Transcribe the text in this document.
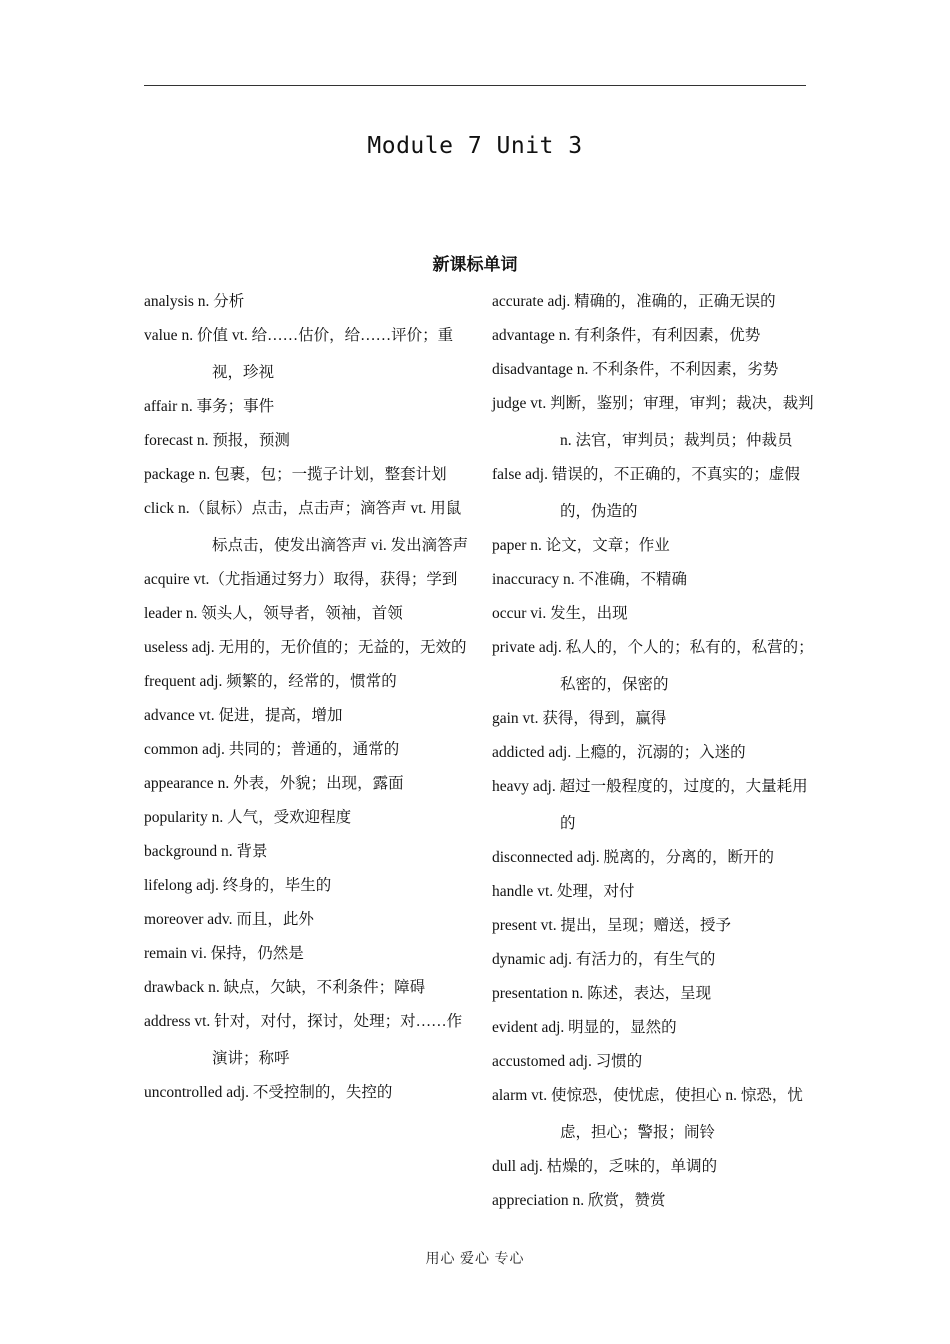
Module 7 Unit 3
新课标单词
analysis n. 分析
value n. 价值 vt. 给……估价，给……评价；重视，珍视
affair n. 事务；事件
forecast n. 预报，预测
package n. 包裹，包；一揽子计划，整套计划
click n.（鼠标）点击，点击声；滴答声 vt. 用鼠标点击，使发出滴答声 vi. 发出滴答声
acquire vt.（尤指通过努力）取得，获得；学到
leader n. 领头人，领导者，领袖，首领
useless adj. 无用的，无价值的；无益的，无效的
frequent adj. 频繁的，经常的，惯常的
advance vt. 促进，提高，增加
common adj. 共同的；普通的，通常的
appearance n. 外表，外貌；出现，露面
popularity n. 人气，受欢迎程度
background n. 背景
lifelong adj. 终身的，毕生的
moreover adv. 而且，此外
remain vi. 保持，仍然是
drawback n. 缺点，欠缺，不利条件；障碍
address vt. 针对，对付，探讨，处理；对……作演讲；称呼
uncontrolled adj. 不受控制的，失控的
accurate adj. 精确的，准确的，正确无误的
advantage n. 有利条件，有利因素，优势
disadvantage n. 不利条件，不利因素，劣势
judge vt. 判断，鉴别；审理，审判；裁决，裁判 n. 法官，审判员；裁判员；仲裁员
false adj. 错误的，不正确的，不真实的；虚假的，伪造的
paper n. 论文，文章；作业
inaccuracy n. 不准确，不精确
occur vi. 发生，出现
private adj. 私人的，个人的；私有的，私营的；私密的，保密的
gain vt. 获得，得到，赢得
addicted adj. 上瘾的，沉溺的；入迷的
heavy adj. 超过一般程度的，过度的，大量耗用的
disconnected adj. 脱离的，分离的，断开的
handle vt. 处理，对付
present vt. 提出，呈现；赠送，授予
dynamic adj. 有活力的，有生气的
presentation n. 陈述，表达，呈现
evident adj. 明显的，显然的
accustomed adj. 习惯的
alarm vt. 使惊恐，使忧虑，使担心 n. 惊恐，忧虑，担心；警报；闹铃
dull adj. 枯燥的，乏味的，单调的
appreciation n. 欣赏，赞赏
用心 爱心 专心
